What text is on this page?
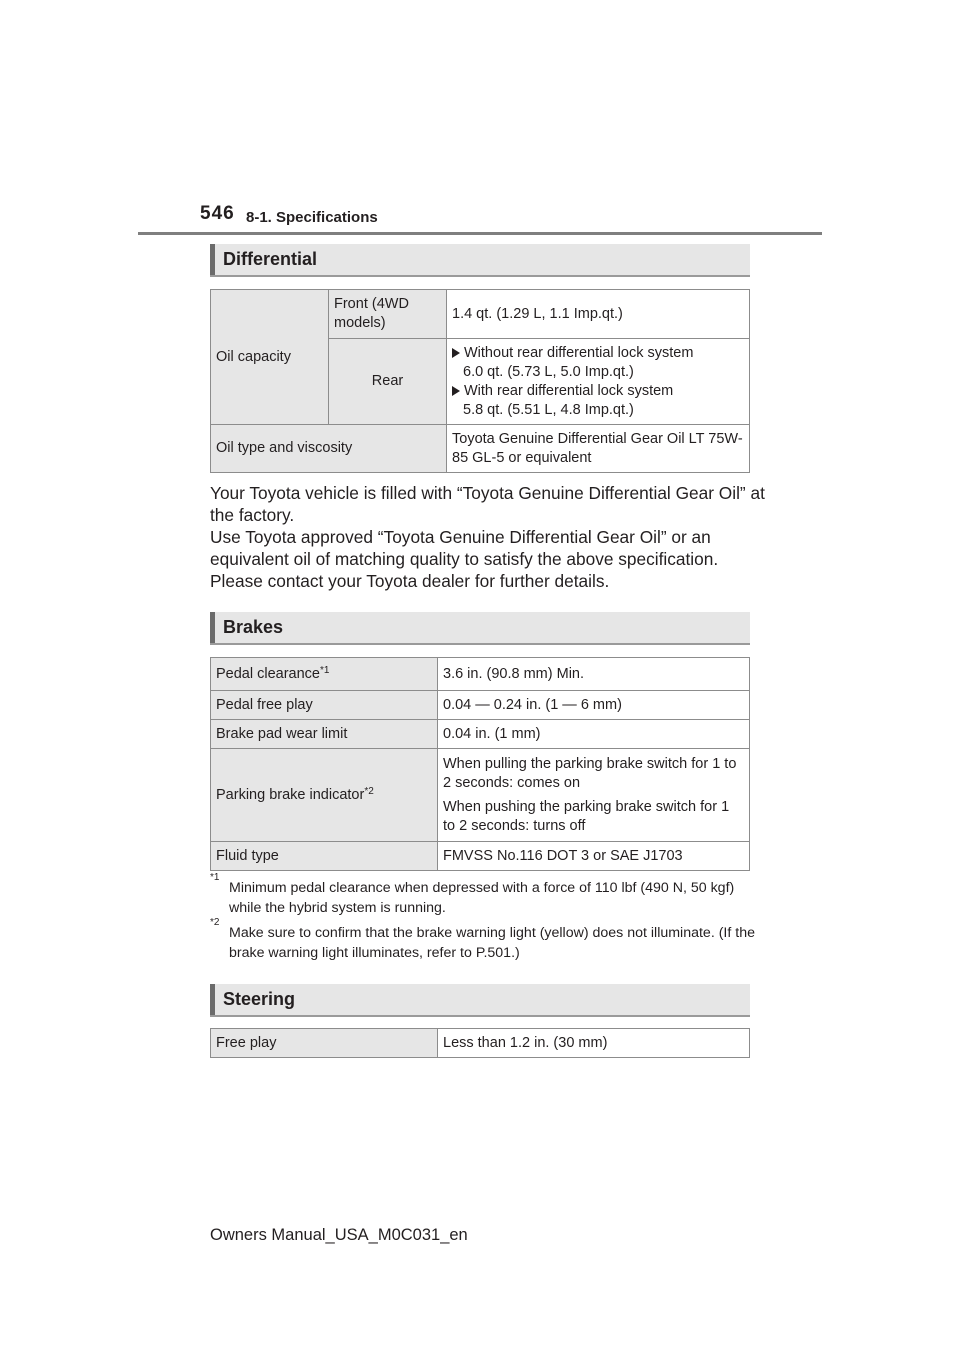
546 8-1. Specifications
Differential
Oil capacity	Front (4WD models)	1.4 qt. (1.29 L, 1.1 Imp.qt.)
	Rear	Without rear differential lock system
6.0 qt. (5.73 L, 5.0 Imp.qt.)
With rear differential lock system
5.8 qt. (5.51 L, 4.8 Imp.qt.)

Oil type and viscosity		Toyota Genuine Differential Gear Oil LT 75W-85 GL-5 or equivalent
Your Toyota vehicle is filled with “Toyota Genuine Differential Gear Oil” at the factory.
Use Toyota approved “Toyota Genuine Differential Gear Oil” or an equivalent oil of matching quality to satisfy the above specification.
Please contact your Toyota dealer for further details.
Brakes
Pedal clearance$^{*1}$	3.6 in. (90.8 mm) Min.
Pedal free play	0.04 — 0.24 in. (1 — 6 mm)
Brake pad wear limit	0.04 in. (1 mm)
Parking brake indicator$^{*2}$	When pulling the parking brake switch for 1 to 2 seconds: comes on
When pushing the parking brake switch for 1 to 2 seconds: turns off

Fluid type	FMVSS No.116 DOT 3 or SAE J1703
*1
Minimum pedal clearance when depressed with a force of 110 lbf (490 N, 50 kgf) while the hybrid system is running.
*2
Make sure to confirm that the brake warning light (yellow) does not illuminate. (If the brake warning light illuminates, refer to P.501.)
Steering
Free play	Less than 1.2 in. (30 mm)
Owners Manual_USA_M0C031_en
